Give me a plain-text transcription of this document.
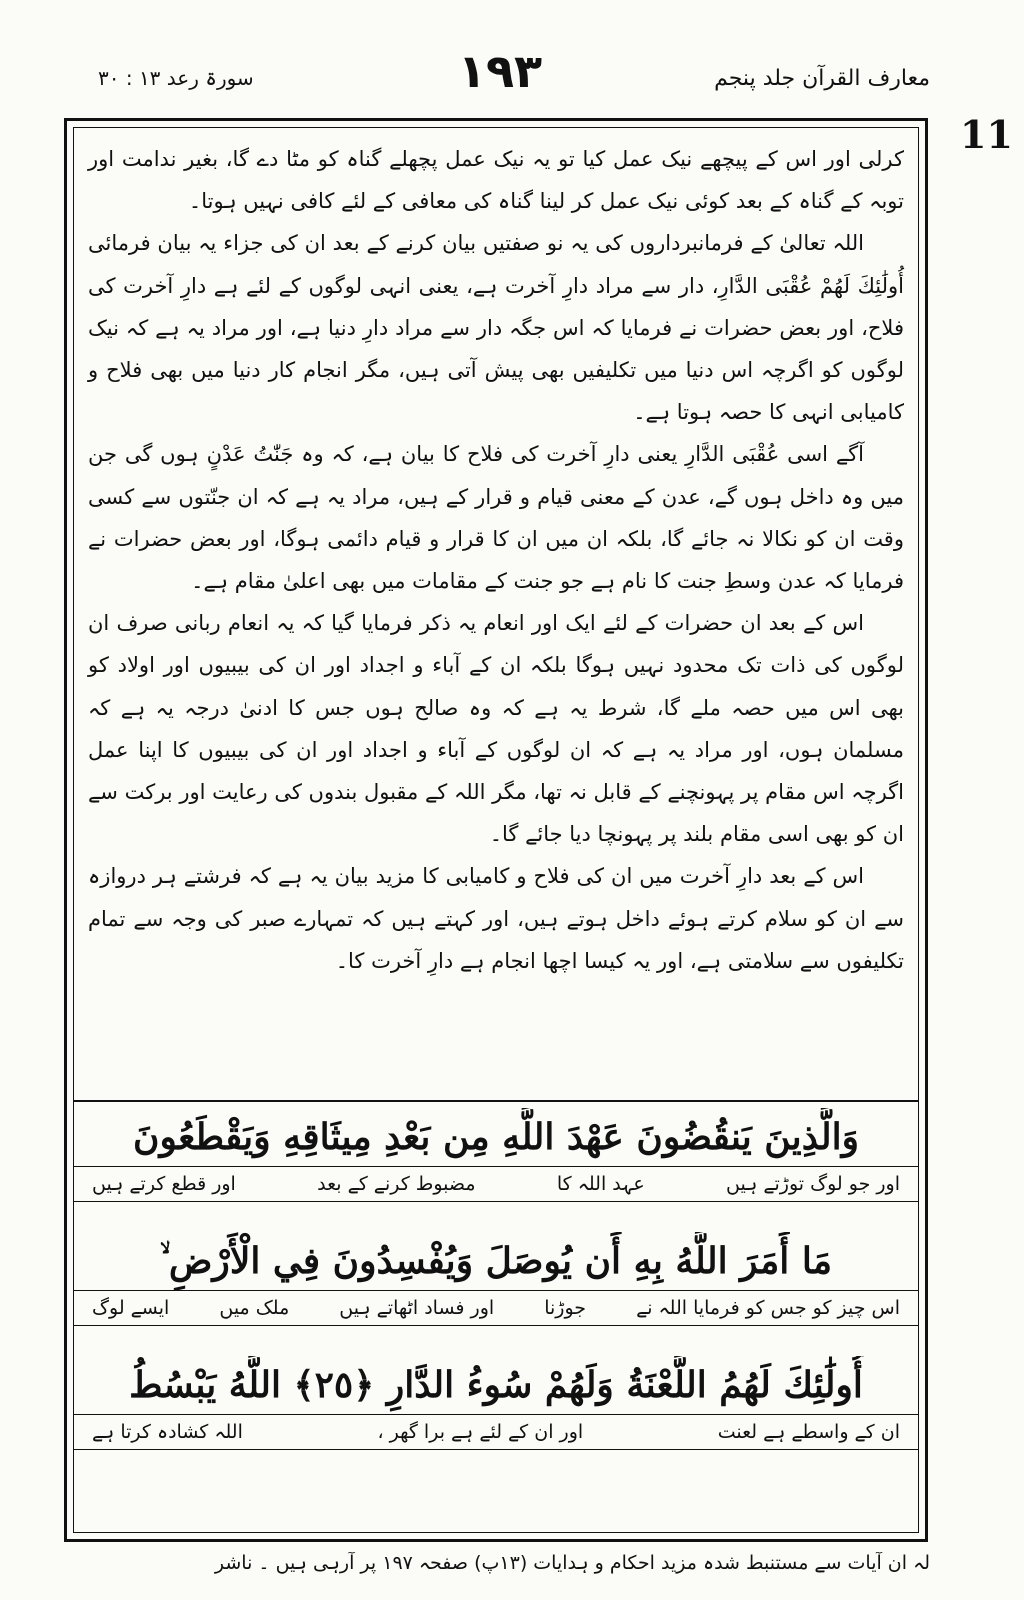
سورۃ رعد ۱۳ : ۳۰	۱۹۳	معارف القرآن جلد پنجم
11

کرلی اور اس کے پیچھے نیک عمل کیا تو یہ نیک عمل پچھلے گناہ کو مٹا دے گا، بغیر ندامت اور توبہ کے گناہ کے بعد کوئی نیک عمل کر لینا گناہ کی معافی کے لئے کافی نہیں ہوتا۔

اللہ تعالیٰ کے فرمانبرداروں کی یہ نو صفتیں بیان کرنے کے بعد ان کی جزاء یہ بیان فرمائی أُولَٰئِكَ لَهُمْ عُقْبَى الدَّارِ، دار سے مراد دارِ آخرت ہے، یعنی انہی لوگوں کے لئے ہے دارِ آخرت کی فلاح، اور بعض حضرات نے فرمایا کہ اس جگہ دار سے مراد دارِ دنیا ہے، اور مراد یہ ہے کہ نیک لوگوں کو اگرچہ اس دنیا میں تکلیفیں بھی پیش آتی ہیں، مگر انجام کار دنیا میں بھی فلاح و کامیابی انہی کا حصہ ہوتا ہے۔

آگے اسی عُقْبَى الدَّارِ یعنی دارِ آخرت کی فلاح کا بیان ہے، کہ وہ جَنّٰتُ عَدْنٍ ہوں گی جن میں وہ داخل ہوں گے، عدن کے معنی قیام و قرار کے ہیں، مراد یہ ہے کہ ان جنّتوں سے کسی وقت ان کو نکالا نہ جائے گا، بلکہ ان میں ان کا قرار و قیام دائمی ہوگا، اور بعض حضرات نے فرمایا کہ عدن وسطِ جنت کا نام ہے جو جنت کے مقامات میں بھی اعلیٰ مقام ہے۔

اس کے بعد ان حضرات کے لئے ایک اور انعام یہ ذکر فرمایا گیا کہ یہ انعام ربانی صرف ان لوگوں کی ذات تک محدود نہیں ہوگا بلکہ ان کے آباء و اجداد اور ان کی بیبیوں اور اولاد کو بھی اس میں حصہ ملے گا، شرط یہ ہے کہ وہ صالح ہوں جس کا ادنیٰ درجہ یہ ہے کہ مسلمان ہوں، اور مراد یہ ہے کہ ان لوگوں کے آباء و اجداد اور ان کی بیبیوں کا اپنا عمل اگرچہ اس مقام پر پہونچنے کے قابل نہ تھا، مگر اللہ کے مقبول بندوں کی رعایت اور برکت سے ان کو بھی اسی مقام بلند پر پہونچا دیا جائے گا۔

اس کے بعد دارِ آخرت میں ان کی فلاح و کامیابی کا مزید بیان یہ ہے کہ فرشتے ہر دروازہ سے ان کو سلام کرتے ہوئے داخل ہوتے ہیں، اور کہتے ہیں کہ تمہارے صبر کی وجہ سے تمام تکلیفوں سے سلامتی ہے، اور یہ کیسا اچھا انجام ہے دارِ آخرت کا۔

وَالَّذِينَ يَنقُضُونَ عَهْدَ اللَّهِ مِن بَعْدِ مِيثَاقِهِ وَيَقْطَعُونَ
اور جو لوگ توڑتے ہیں
عہد اللہ کا
مضبوط کرنے کے بعد
اور قطع کرتے ہیں
مَا أَمَرَ اللَّهُ بِهِ أَن يُوصَلَ وَيُفْسِدُونَ فِي الْأَرْضِ ۙ
اس چیز کو جس کو فرمایا اللہ نے
جوڑنا
اور فساد اٹھاتے ہیں
ملک میں
ایسے لوگ
أُولَٰئِكَ لَهُمُ اللَّعْنَةُ وَلَهُمْ سُوءُ الدَّارِ ﴿٢٥﴾ اللَّهُ يَبْسُطُ
ان کے واسطے ہے لعنت
اور ان کے لئے ہے برا گھر ،
اللہ کشادہ کرتا ہے
لہ ان آیات سے مستنبط شدہ مزید احکام و ہدایات (۱۳پ) صفحہ ۱۹۷ پر آرہی ہیں ۔ ناشر
